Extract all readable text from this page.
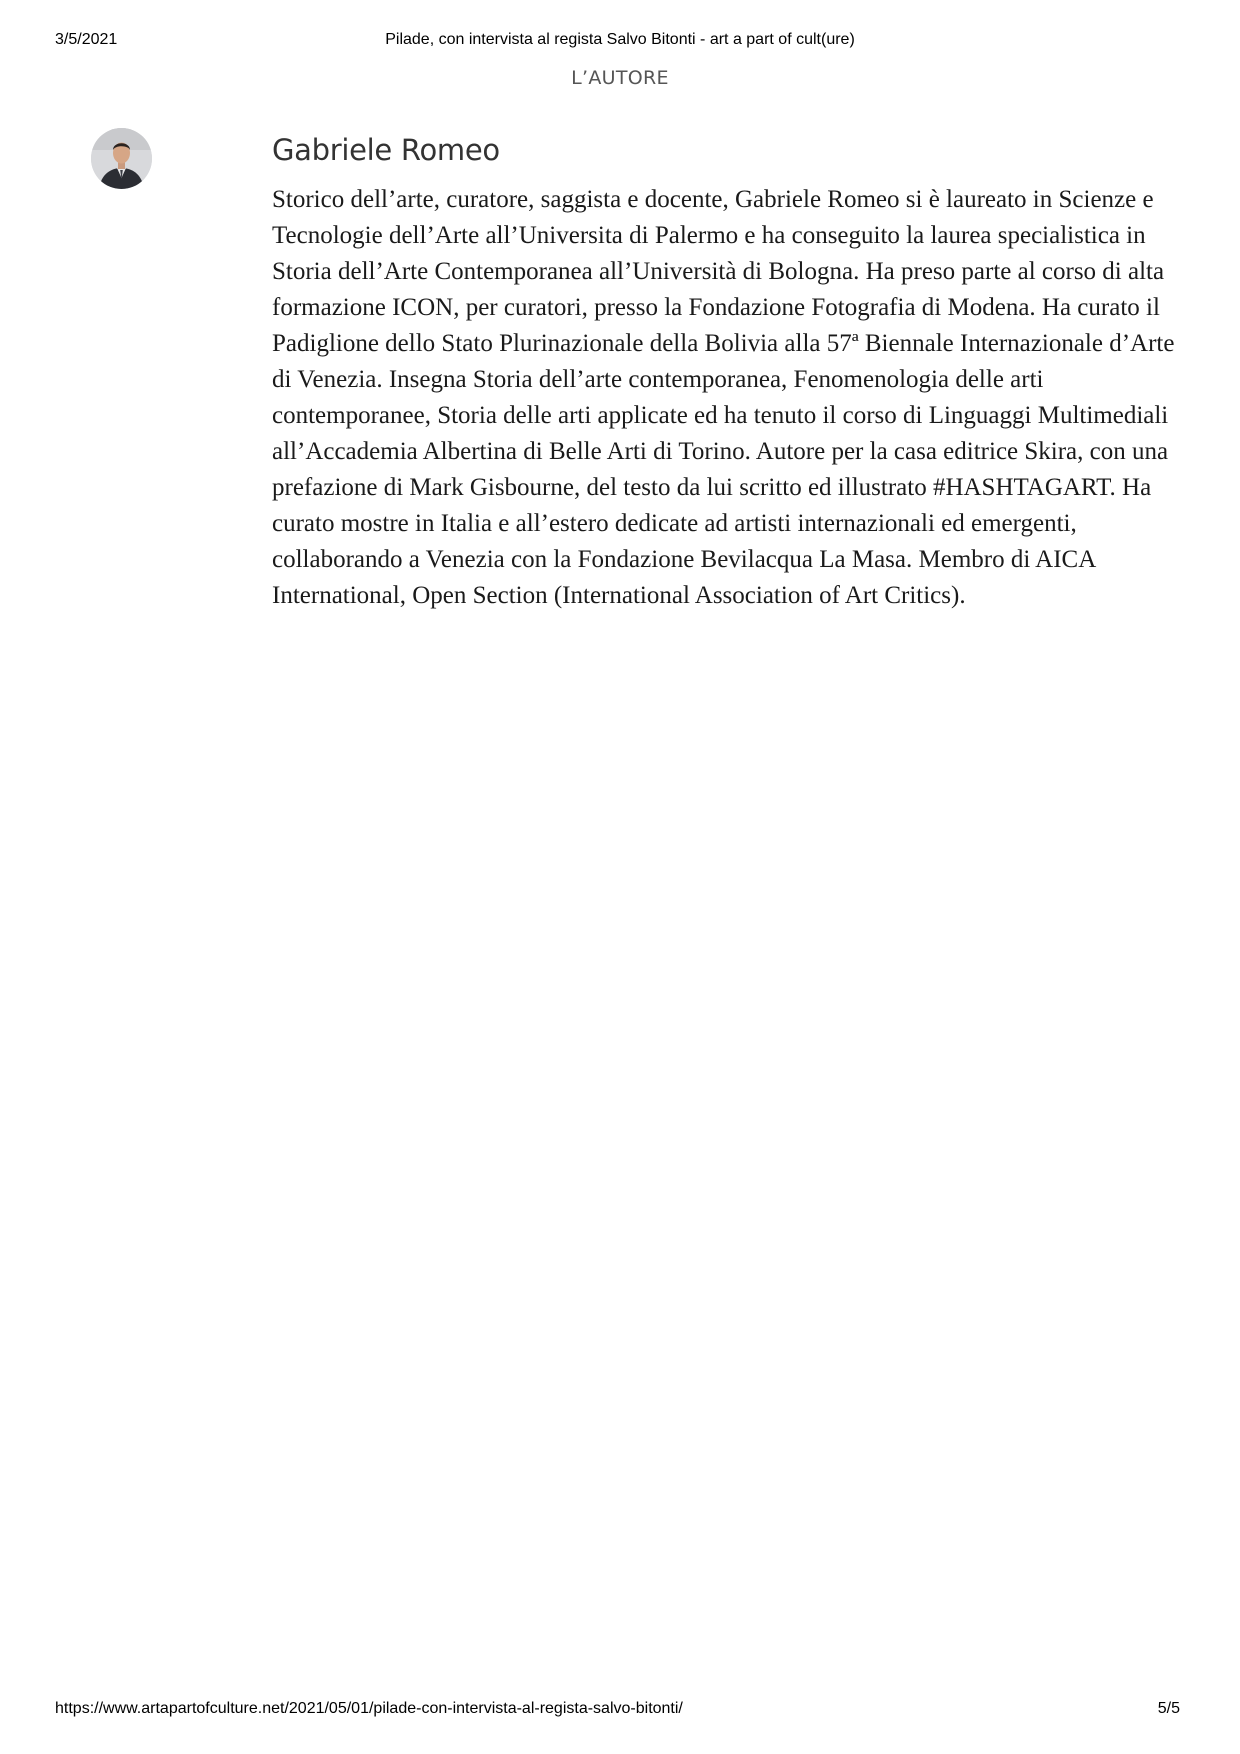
3/5/2021	Pilade, con intervista al regista Salvo Bitonti - art a part of cult(ure)
L’AUTORE
Gabriele Romeo

Storico dell’arte, curatore, saggista e docente, Gabriele Romeo si è laureato in Scienze e Tecnologie dell’Arte all’Universita di Palermo e ha conseguito la laurea specialistica in Storia dell’Arte Contemporanea all’Università di Bologna. Ha preso parte al corso di alta formazione ICON, per curatori, presso la Fondazione Fotografia di Modena. Ha curato il Padiglione dello Stato Plurinazionale della Bolivia alla 57ª Biennale Internazionale d’Arte di Venezia. Insegna Storia dell’arte contemporanea, Fenomenologia delle arti contemporanee, Storia delle arti applicate ed ha tenuto il corso di Linguaggi Multimediali all’Accademia Albertina di Belle Arti di Torino. Autore per la casa editrice Skira, con una prefazione di Mark Gisbourne, del testo da lui scritto ed illustrato #HASHTAGART. Ha curato mostre in Italia e all’estero dedicate ad artisti internazionali ed emergenti, collaborando a Venezia con la Fondazione Bevilacqua La Masa. Membro di AICA International, Open Section (International Association of Art Critics).

https://www.artapartofculture.net/2021/05/01/pilade-con-intervista-al-regista-salvo-bitonti/	5/5
